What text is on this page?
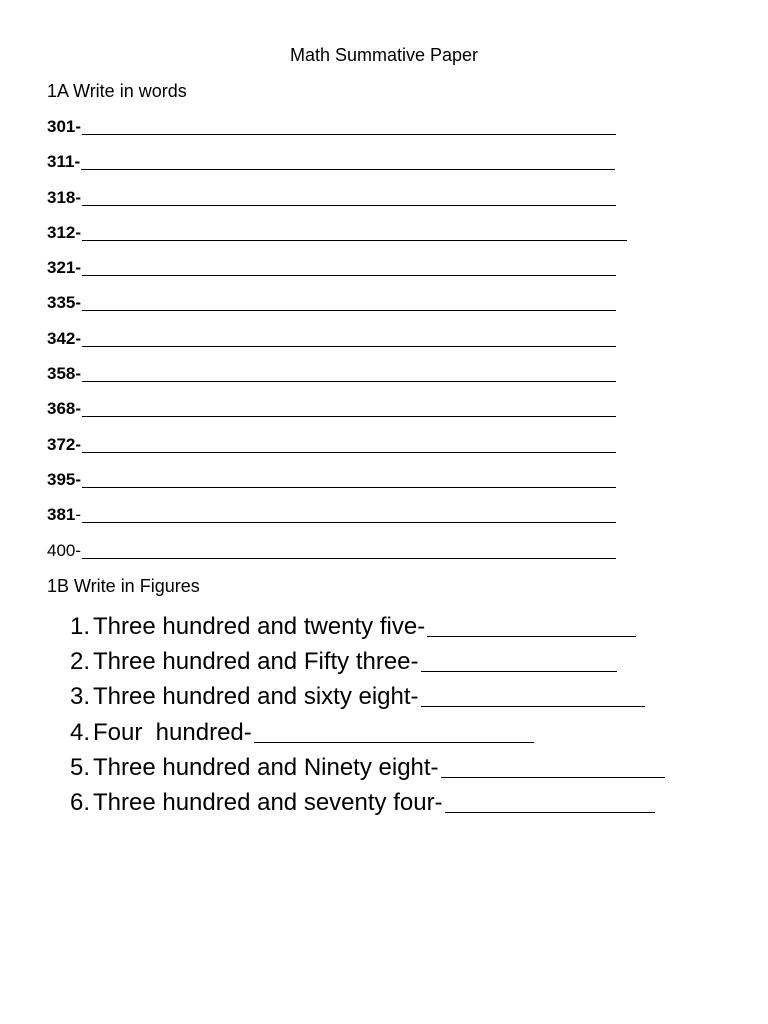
Math Summative Paper
1A Write in words
301 -
311 -
318 -
312 -
321 -
335 -
342 -
358 -
368 -
372 -
395 -
381 -
400 -
1B Write in Figures
1. Three hundred and twenty five-
2. Three hundred and Fifty three-
3. Three hundred and sixty eight-
4. Four  hundred-
5. Three hundred and Ninety eight-
6. Three hundred and seventy four-
